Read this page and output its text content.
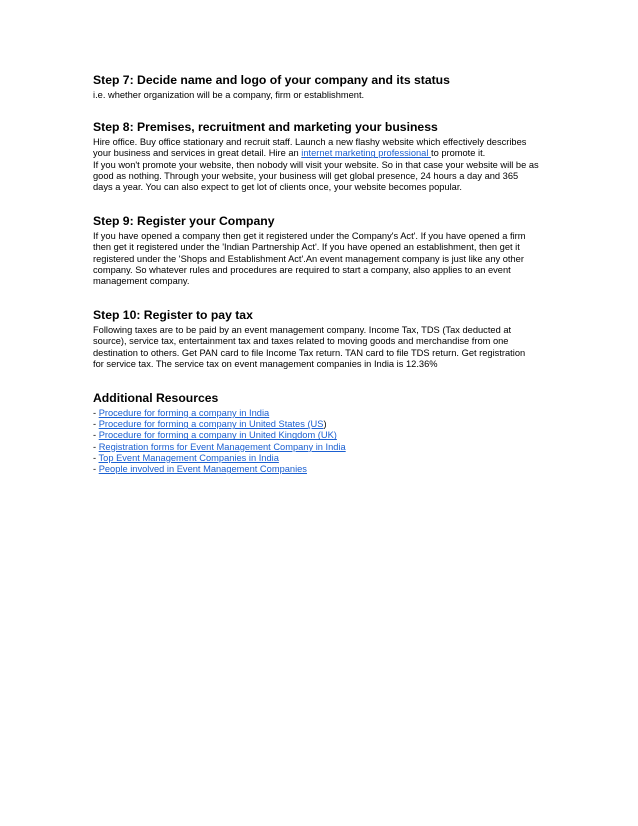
Step 7: Decide name and logo of your company and its status

i.e. whether organization will be a company, firm or establishment.

Step 8: Premises, recruitment and marketing your business

Hire office. Buy office stationary and recruit staff. Launch a new flashy website which effectively describes
your business and services in great detail. Hire an internet marketing professional to promote it.
If you won't promote your website, then nobody will visit your website. So in that case your website will be as
good as nothing. Through your website, your business will get global presence, 24 hours a day and 365
days a year. You can also expect to get lot of clients once, your website becomes popular.

Step 9: Register your Company

If you have opened a company then get it registered under the Company's Act'. If you have opened a firm
then get it registered under the 'Indian Partnership Act'. If you have opened an establishment, then get it
registered under the 'Shops and Establishment Act'.An event management company is just like any other
company. So whatever rules and procedures are required to start a company, also applies to an event
management company.

Step 10: Register to pay tax

Following taxes are to be paid by an event management company. Income Tax, TDS (Tax deducted at
source), service tax, entertainment tax and taxes related to moving goods and merchandise from one
destination to others. Get PAN card to file Income Tax return. TAN card to file TDS return. Get registration
for service tax. The service tax on event management companies in India is 12.36%

Additional Resources
- Procedure for forming a company in India
- Procedure for forming a company in United States (US)
- Procedure for forming a company in United Kingdom (UK)
- Registration forms for Event Management Company in India
- Top Event Management Companies in India
- People involved in Event Management Companies
